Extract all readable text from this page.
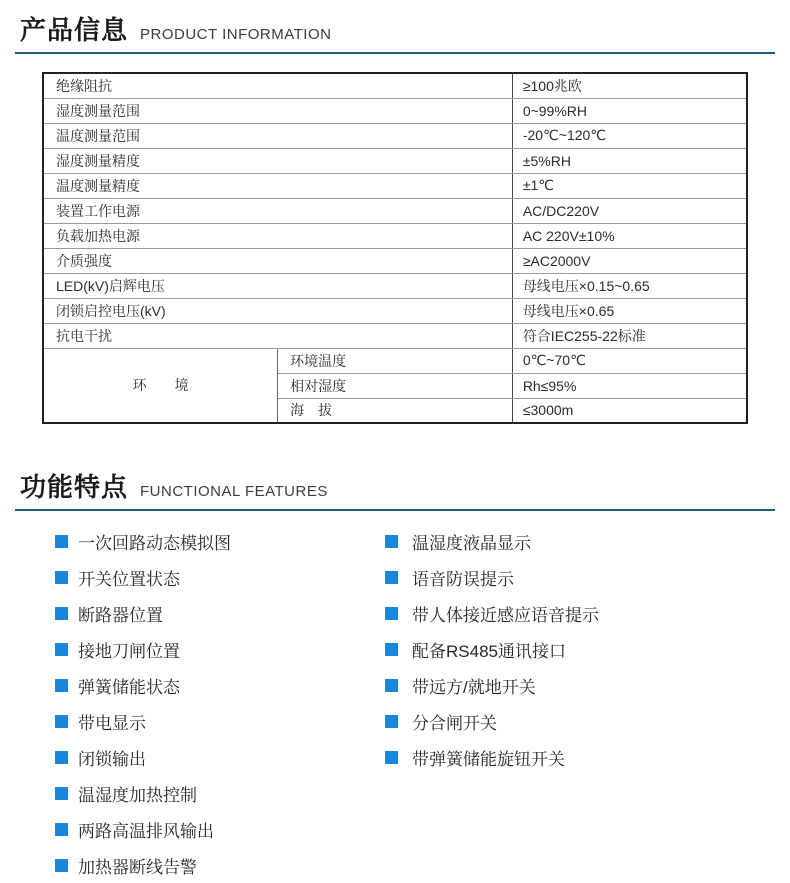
产品信息 PRODUCT INFORMATION
绝缘阻抗		≥100兆欧
湿度测量范围		0~99%RH
温度测量范围		-20℃~120℃
湿度测量精度		±5%RH
温度测量精度		±1℃
装置工作电源		AC/DC220V
负载加热电源		AC 220V±10%
介质强度		≥AC2000V
LED(kV)启辉电压		母线电压×0.15~0.65
闭锁启控电压(kV)		母线电压×0.65
抗电干扰		符合IEC255-22标准
环　　境	环境温度	0℃~70℃
	相对湿度	Rh≤95%
	海　拔	≤3000m
功能特点 FUNCTIONAL FEATURES
一次回路动态模拟图
开关位置状态
断路器位置
接地刀闸位置
弹簧储能状态
带电显示
闭锁输出
温湿度加热控制
两路高温排风输出
加热器断线告警
温湿度液晶显示
语音防误提示
带人体接近感应语音提示
配备RS485通讯接口
带远方/就地开关
分合闸开关
带弹簧储能旋钮开关
